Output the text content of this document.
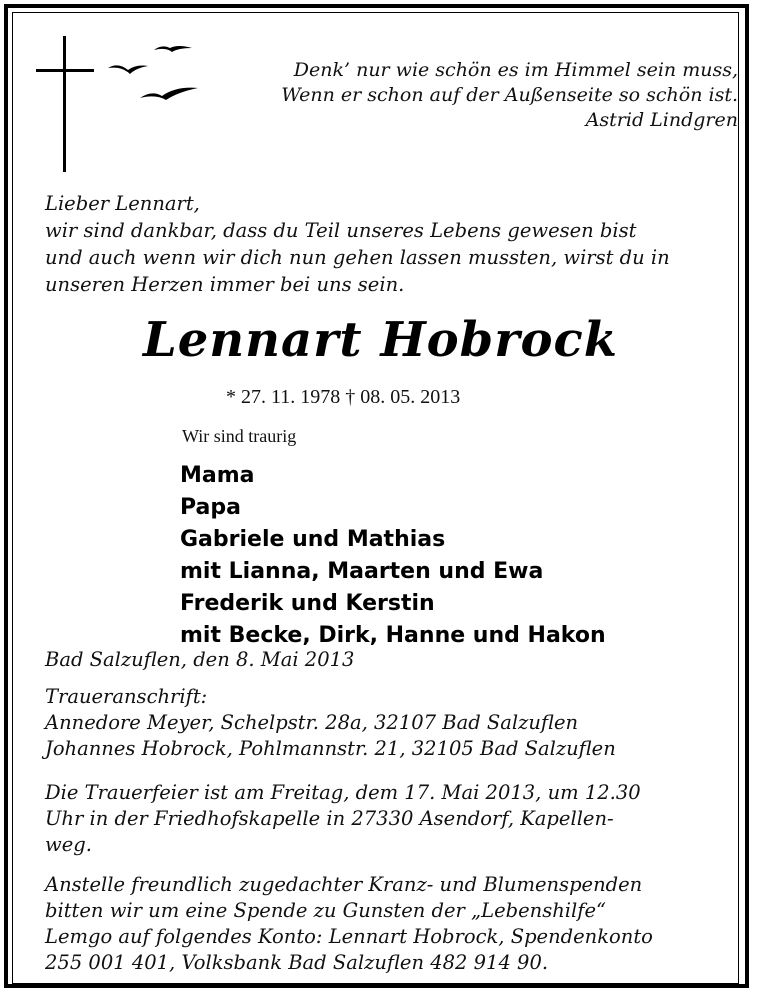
Denk’ nur wie schön es im Himmel sein muss,
Wenn er schon auf der Außenseite so schön ist.
Astrid Lindgren
Lieber Lennart,
wir sind dankbar, dass du Teil unseres Lebens gewesen bist
und auch wenn wir dich nun gehen lassen mussten, wirst du in
unseren Herzen immer bei uns sein.
Lennart Hobrock
* 27. 11. 1978 † 08. 05. 2013
Wir sind traurig
Mama
Papa
Gabriele und Mathias
mit Lianna, Maarten und Ewa
Frederik und Kerstin
mit Becke, Dirk, Hanne und Hakon
Bad Salzuflen, den 8. Mai 2013
Traueranschrift:
Annedore Meyer, Schelpstr. 28a, 32107 Bad Salzuflen
Johannes Hobrock, Pohlmannstr. 21, 32105 Bad Salzuflen
Die Trauerfeier ist am Freitag, dem 17. Mai 2013, um 12.30
Uhr in der Friedhofskapelle in 27330 Asendorf, Kapellen-
weg.
Anstelle freundlich zugedachter Kranz- und Blumenspenden
bitten wir um eine Spende zu Gunsten der „Lebenshilfe“
Lemgo auf folgendes Konto: Lennart Hobrock, Spendenkonto
255 001 401, Volksbank Bad Salzuflen 482 914 90.
